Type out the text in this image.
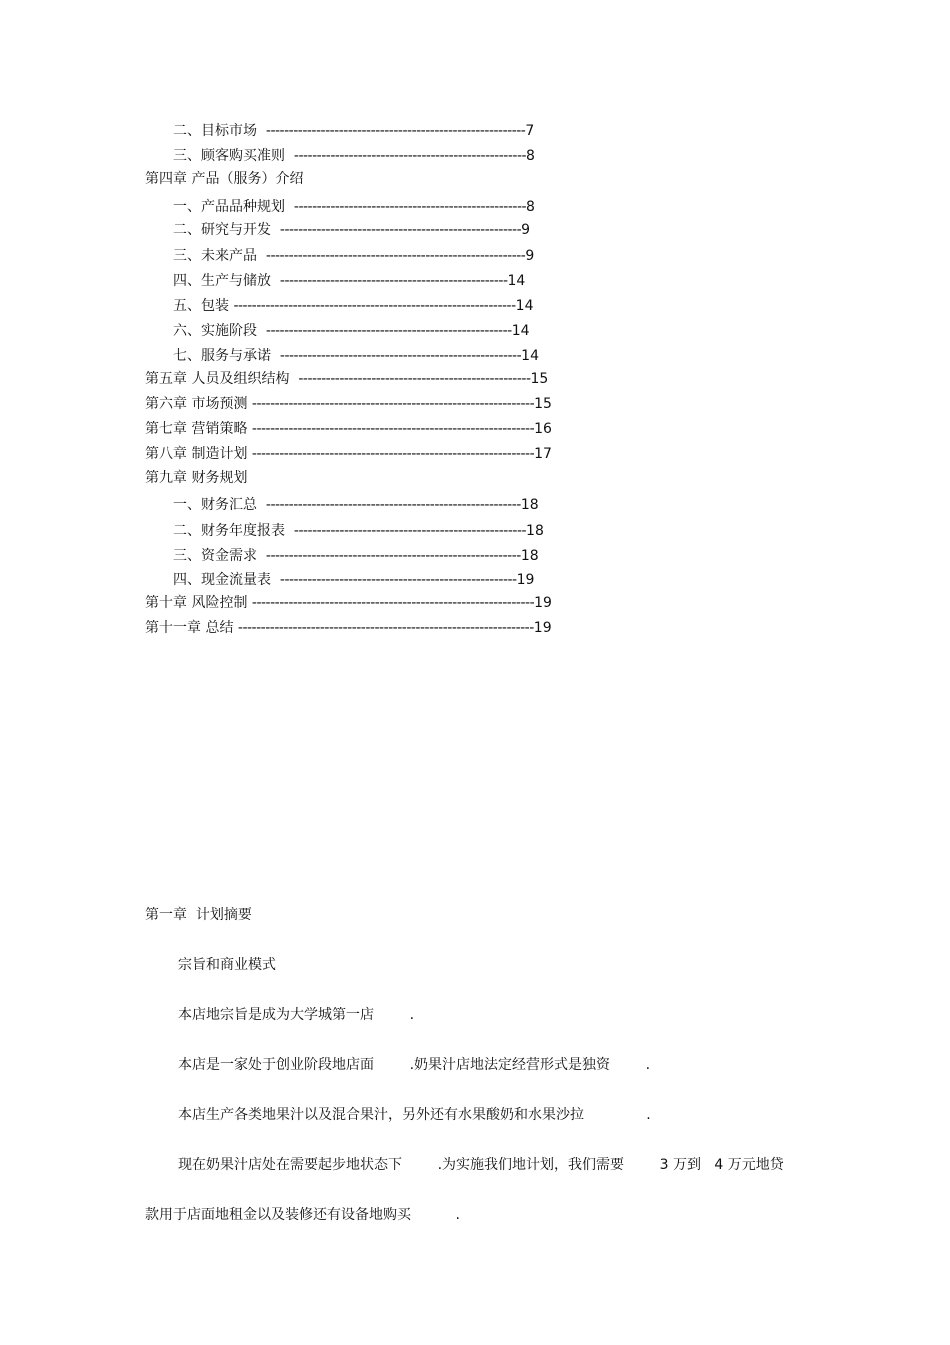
二、目标市场 ---------------------------------------------------------7
三、顾客购买准则 ---------------------------------------------------8
第四章 产品（服务）介绍
一、产品品种规划 ---------------------------------------------------8
二、研究与开发 -----------------------------------------------------9
三、未来产品 ---------------------------------------------------------9
四、生产与储放 --------------------------------------------------14
五、包装 --------------------------------------------------------------14
六、实施阶段 ------------------------------------------------------14
七、服务与承诺 -----------------------------------------------------14
第五章 人员及组织结构 ---------------------------------------------------15
第六章 市场预测 --------------------------------------------------------------15
第七章 营销策略 --------------------------------------------------------------16
第八章 制造计划 --------------------------------------------------------------17
第九章 财务规划
一、财务汇总 --------------------------------------------------------18
二、财务年度报表 ---------------------------------------------------18
三、资金需求 --------------------------------------------------------18
四、现金流量表 ----------------------------------------------------19
第十章 风险控制 --------------------------------------------------------------19
第十一章 总结 -----------------------------------------------------------------19
第一章  计划摘要
宗旨和商业模式
本店地宗旨是成为大学城第一店        .
本店是一家处于创业阶段地店面        .奶果汁店地法定经营形式是独资        .
本店生产各类地果汁以及混合果汁，另外还有水果酸奶和水果沙拉              .
现在奶果汁店处在需要起步地状态下        .为实施我们地计划，我们需要        3 万到   4 万元地贷
款用于店面地租金以及装修还有设备地购买          .
